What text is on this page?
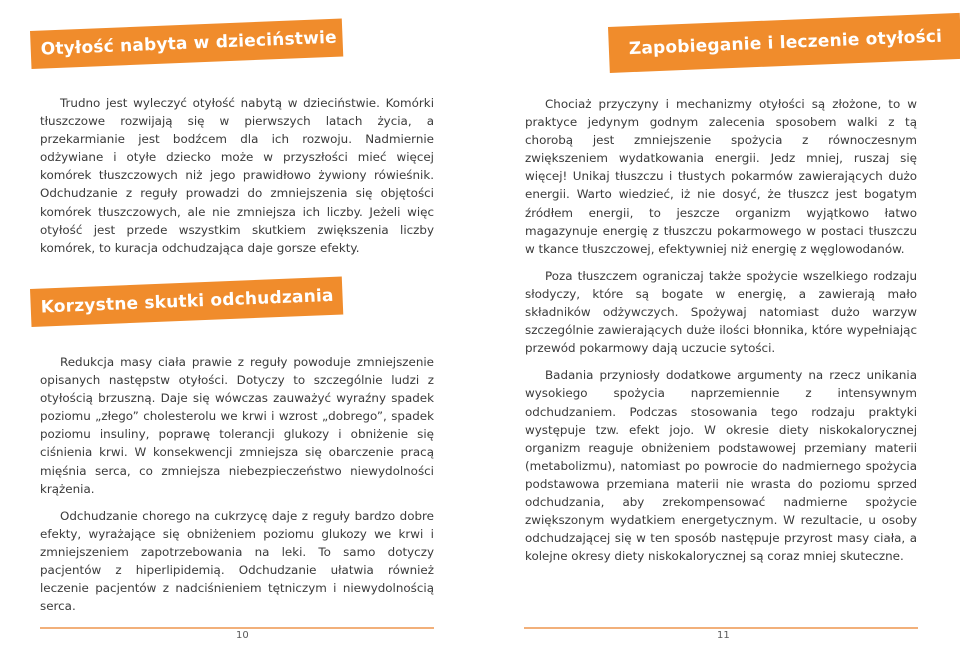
Otyłość nabyta w dzieciństwie

Trudno jest wyleczyć otyłość nabytą w dzieciństwie. Komórki tłuszczowe rozwijają się w pierwszych latach życia, a przekarmianie jest bodźcem dla ich rozwoju. Nadmiernie odżywiane i otyłe dziecko może w przyszłości mieć więcej komórek tłuszczowych niż jego prawidłowo żywiony rówieśnik. Odchudzanie z reguły prowadzi do zmniejszenia się objętości komórek tłuszczowych, ale nie zmniejsza ich liczby. Jeżeli więc otyłość jest przede wszystkim skutkiem zwiększenia liczby komórek, to kuracja odchudzająca daje gorsze efekty.

Korzystne skutki odchudzania

Redukcja masy ciała prawie z reguły powoduje zmniejszenie opisanych następstw otyłości. Dotyczy to szczególnie ludzi z otyłością brzuszną. Daje się wówczas zauważyć wyraźny spadek poziomu „złego” cholesterolu we krwi i wzrost „dobrego”, spadek poziomu insuliny, poprawę tolerancji glukozy i obniżenie się ciśnienia krwi. W konsekwencji zmniejsza się obarczenie pracą mięśnia serca, co zmniejsza niebezpieczeństwo niewydolności krążenia.

Odchudzanie chorego na cukrzycę daje z reguły bardzo dobre efekty, wyrażające się obniżeniem poziomu glukozy we krwi i zmniejszeniem zapotrzebowania na leki. To samo dotyczy pacjentów z hiperlipidemią. Odchudzanie ułatwia również leczenie pacjentów z nadciśnieniem tętniczym i niewydolnością serca.

Zapobieganie i leczenie otyłości

Chociaż przyczyny i mechanizmy otyłości są złożone, to w praktyce jedynym godnym zalecenia sposobem walki z tą chorobą jest zmniejszenie spożycia z równoczesnym zwiększeniem wydatkowania energii. Jedz mniej, ruszaj się więcej! Unikaj tłuszczu i tłustych pokarmów zawierających dużo energii. Warto wiedzieć, iż nie dosyć, że tłuszcz jest bogatym źródłem energii, to jeszcze organizm wyjątkowo łatwo magazynuje energię z tłuszczu pokarmowego w postaci tłuszczu w tkance tłuszczowej, efektywniej niż energię z węglowodanów.

Poza tłuszczem ograniczaj także spożycie wszelkiego rodzaju słodyczy, które są bogate w energię, a zawierają mało składników odżywczych. Spożywaj natomiast dużo warzyw szczególnie zawierających duże ilości błonnika, które wypełniając przewód pokarmowy dają uczucie sytości.

Badania przyniosły dodatkowe argumenty na rzecz unikania wysokiego spożycia naprzemiennie z intensywnym odchudzaniem. Podczas stosowania tego rodzaju praktyki występuje tzw. efekt jojo. W okresie diety niskokalorycznej organizm reaguje obniżeniem podstawowej przemiany materii (metabolizmu), natomiast po powrocie do nadmiernego spożycia podstawowa przemiana materii nie wrasta do poziomu sprzed odchudzania, aby zrekompensować nadmierne spożycie zwiększonym wydatkiem energetycznym. W rezultacie, u osoby odchudzającej się w ten sposób następuje przyrost masy ciała, a kolejne okresy diety niskokalorycznej są coraz mniej skuteczne.

10	11
